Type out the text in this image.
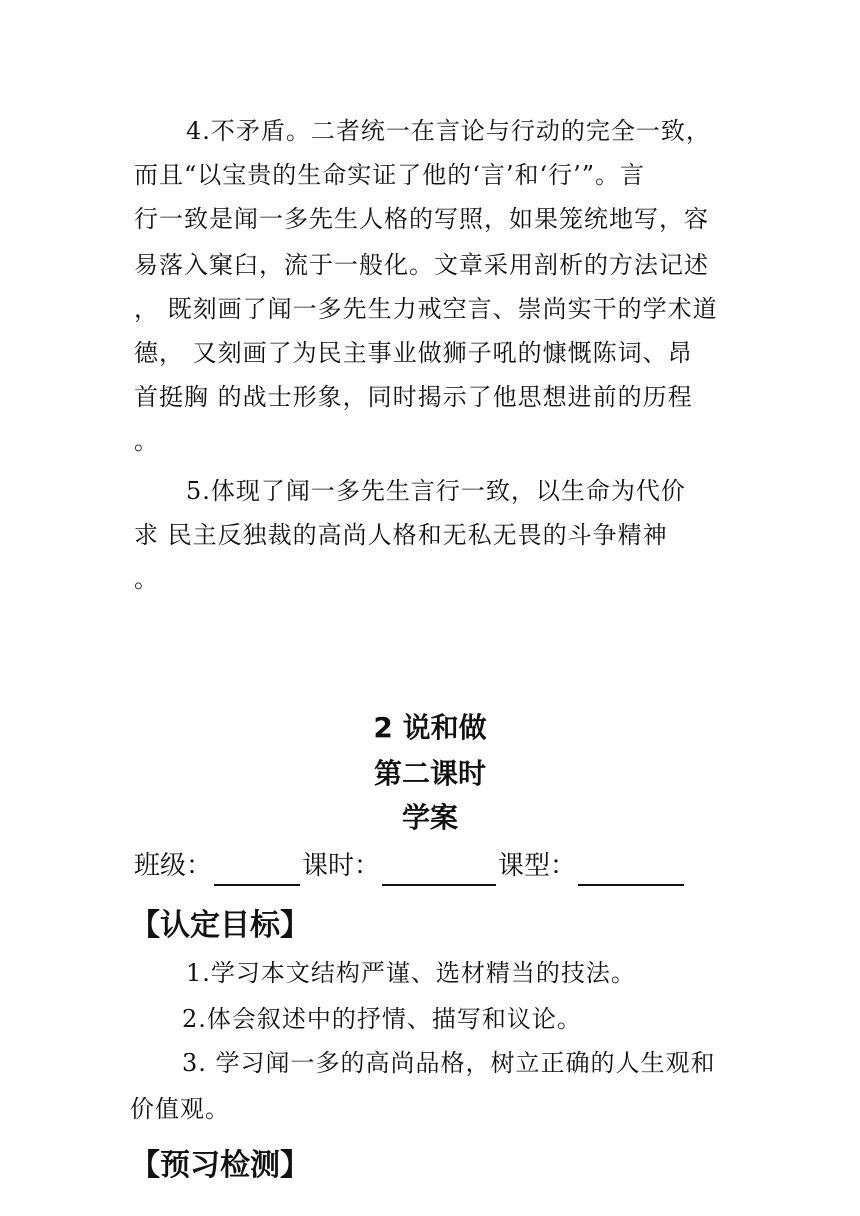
4.不矛盾。二者统一在言论与行动的完全一致，
而且“以宝贵的生命实证了他的‘言’和‘行’”。言
行一致是闻一多先生人格的写照，如果笼统地写，容
易落入窠臼，流于一般化。文章采用剖析的方法记述
， 既刻画了闻一多先生力戒空言、崇尚实干的学术道
德， 又刻画了为民主事业做狮子吼的慷慨陈词、昂
首挺胸 的战士形象，同时揭示了他思想进前的历程
。
5.体现了闻一多先生言行一致，以生命为代价
求 民主反独裁的高尚人格和无私无畏的斗争精神
。
2 说和做
第二课时
学案
班级：	课时：	课型：
【认定目标】
1.学习本文结构严谨、选材精当的技法。
2.体会叙述中的抒情、描写和议论。
3. 学习闻一多的高尚品格，树立正确的人生观和
价值观。
【预习检测】
